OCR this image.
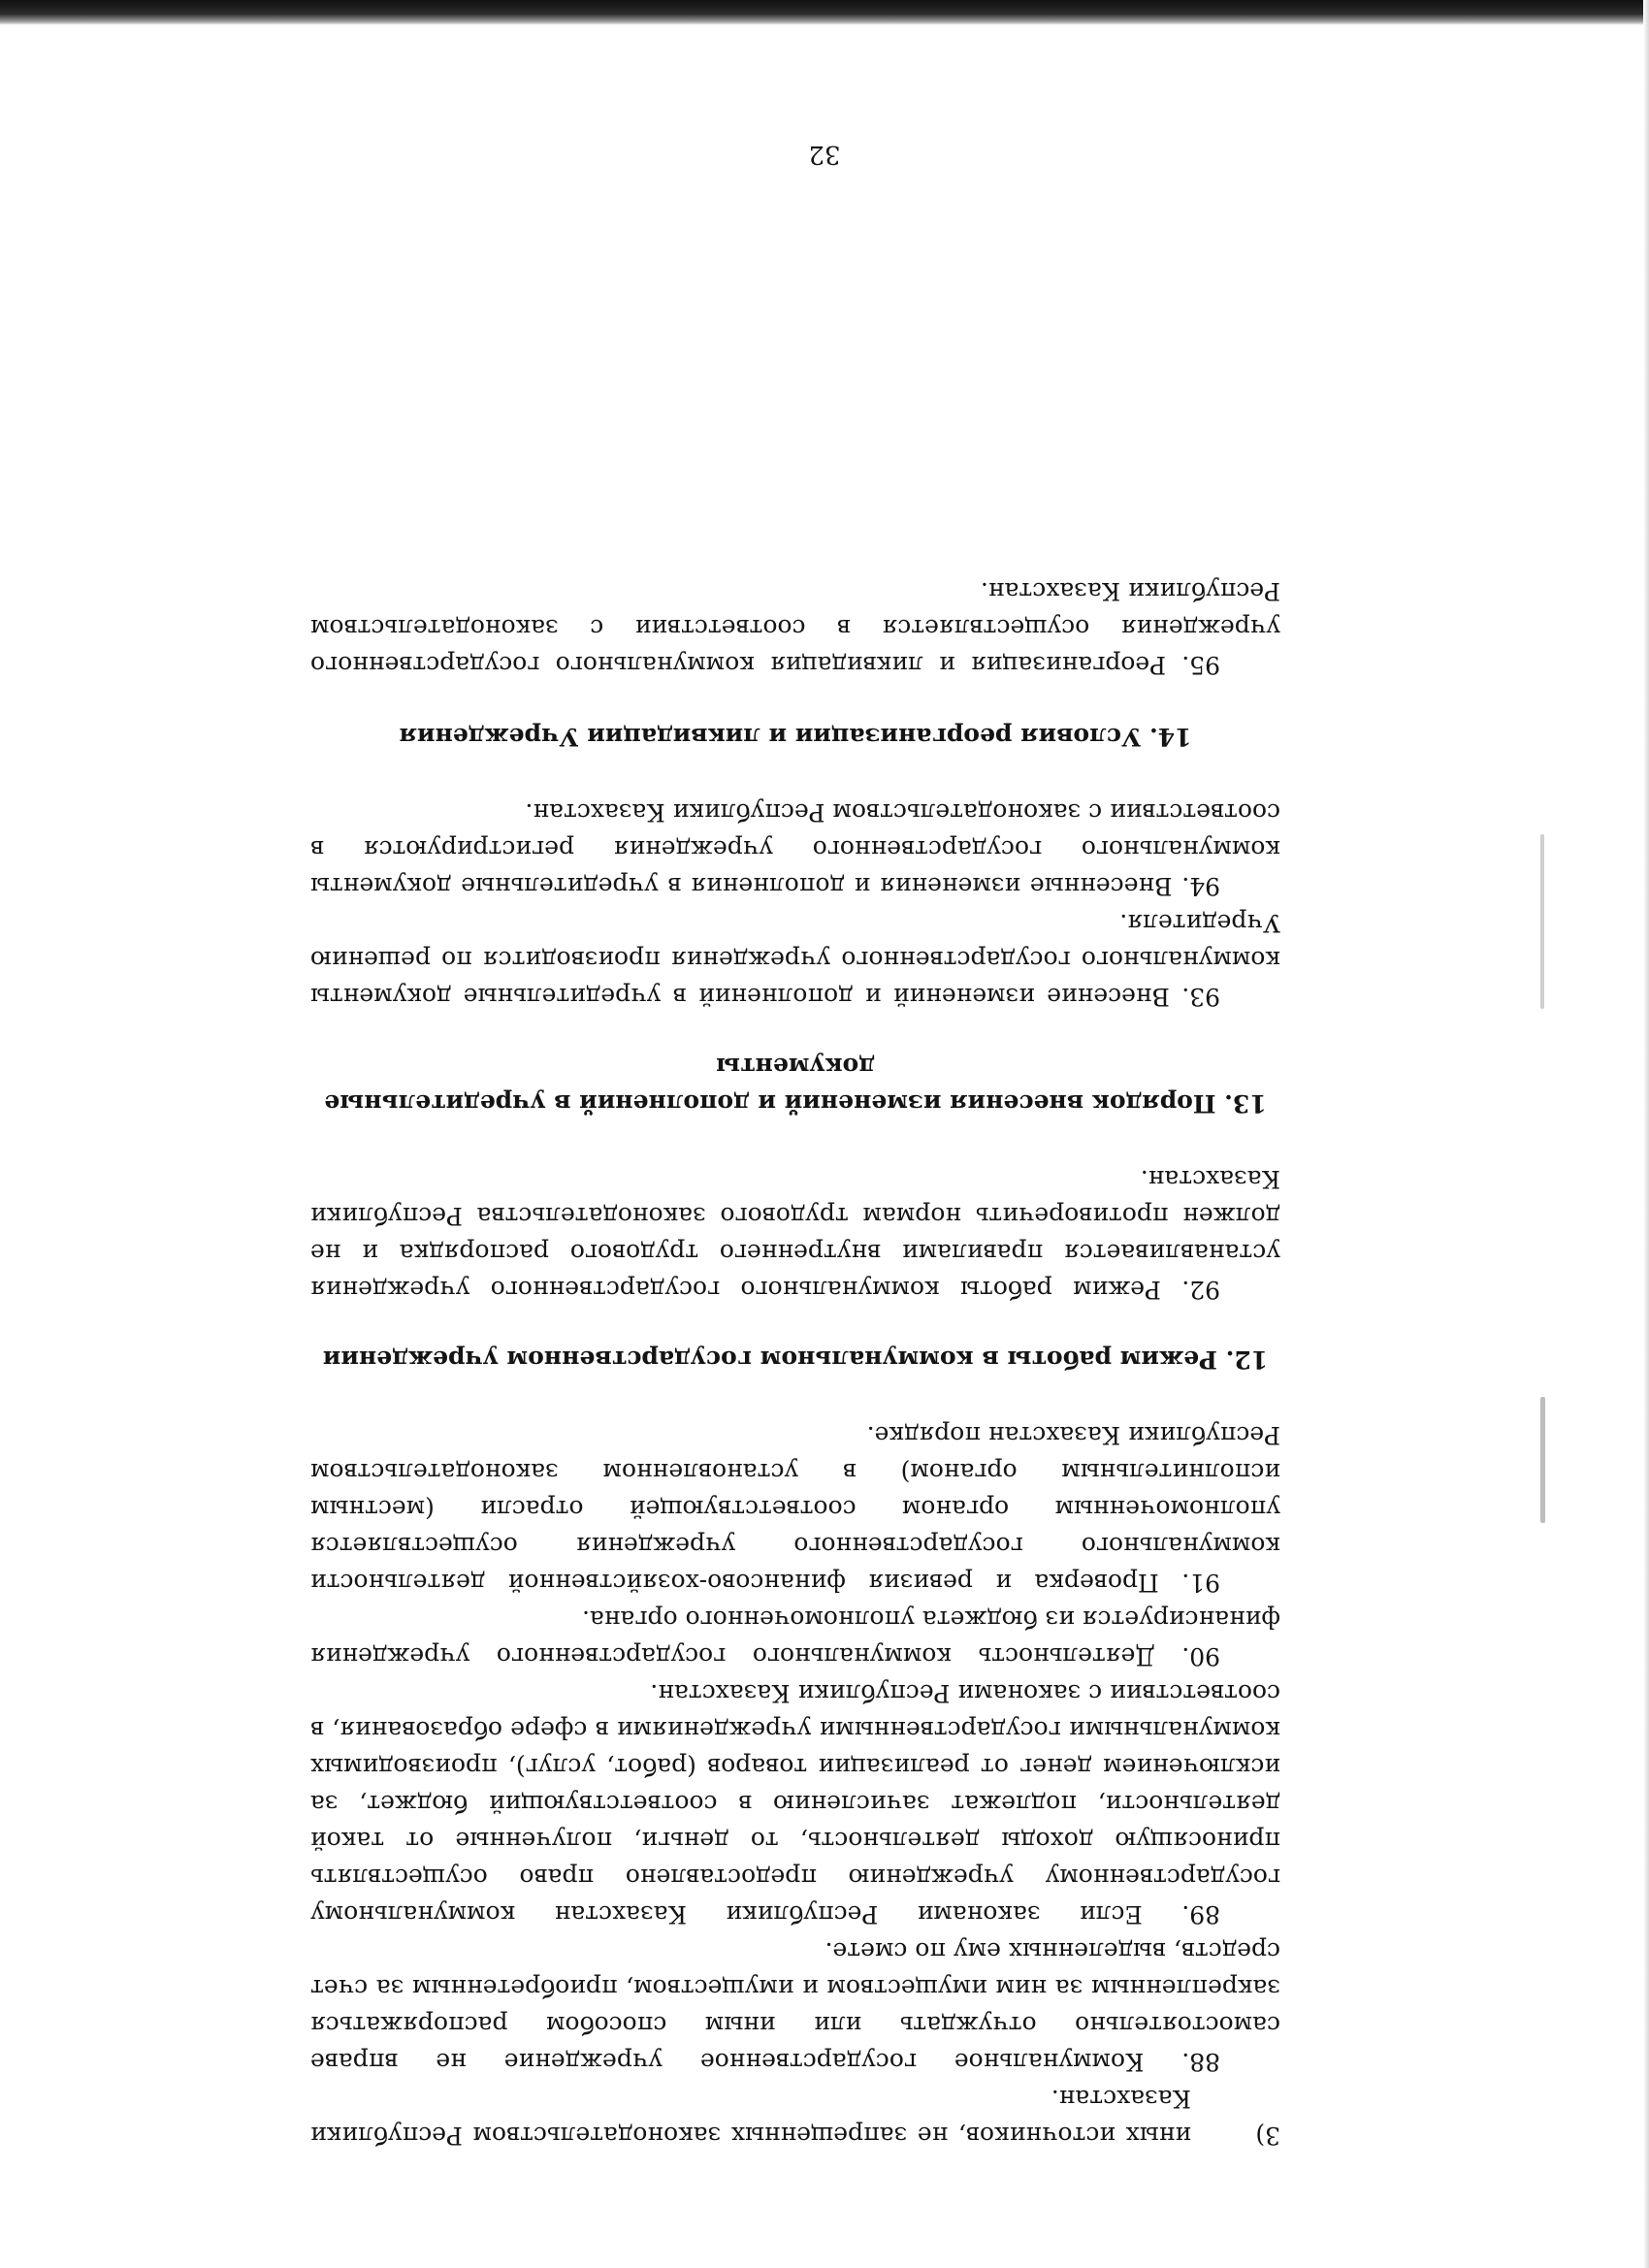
3)иных источников, не запрещенных законодательством Республики Казахстан.

88. Коммунальное государственное учреждение не вправе самостоятельно отчуждать или иным способом распоряжаться закрепленным за ним имуществом и имуществом, приобретенным за счет средств, выделенных ему по смете.

89. Если законами Республики Казахстан коммунальному государственному учреждению предоставлено право осуществлять приносящую доходы деятельность, то деньги, полученные от такой деятельности, подлежат зачислению в соответствующий бюджет, за исключением денег от реализации товаров (работ, услуг), производимых коммунальными государственными учреждениями в сфере образования, в соответствии с законами Республики Казахстан.

90. Деятельность коммунального государственного учреждения финансируется из бюджета уполномоченного органа.

91. Проверка и ревизия финансово-хозяйственной деятельности коммунального государственного учреждения осуществляется уполномоченным органом соответствующей отрасли (местным исполнительным органом) в установленном законодательством Республики Казахстан порядке.

12. Режим работы в коммунальном государственном учреждении

92. Режим работы коммунального государственного учреждения устанавливается правилами внутреннего трудового распорядка и не должен противоречить нормам трудового законодательства Республики Казахстан.

13. Порядок внесения изменений и дополнений в учредительные документы

93. Внесение изменений и дополнений в учредительные документы коммунального государственного учреждения производится по решению Учредителя.

94. Внесенные изменения и дополнения в учредительные документы коммунального государственного учреждения регистрируются в соответствии с законодательством Республики Казахстан.

14. Условия реорганизации и ликвидации Учреждения

95. Реорганизация и ликвидация коммунального государственного учреждения осуществляется в соответствии с законодательством Республики Казахстан.

32
